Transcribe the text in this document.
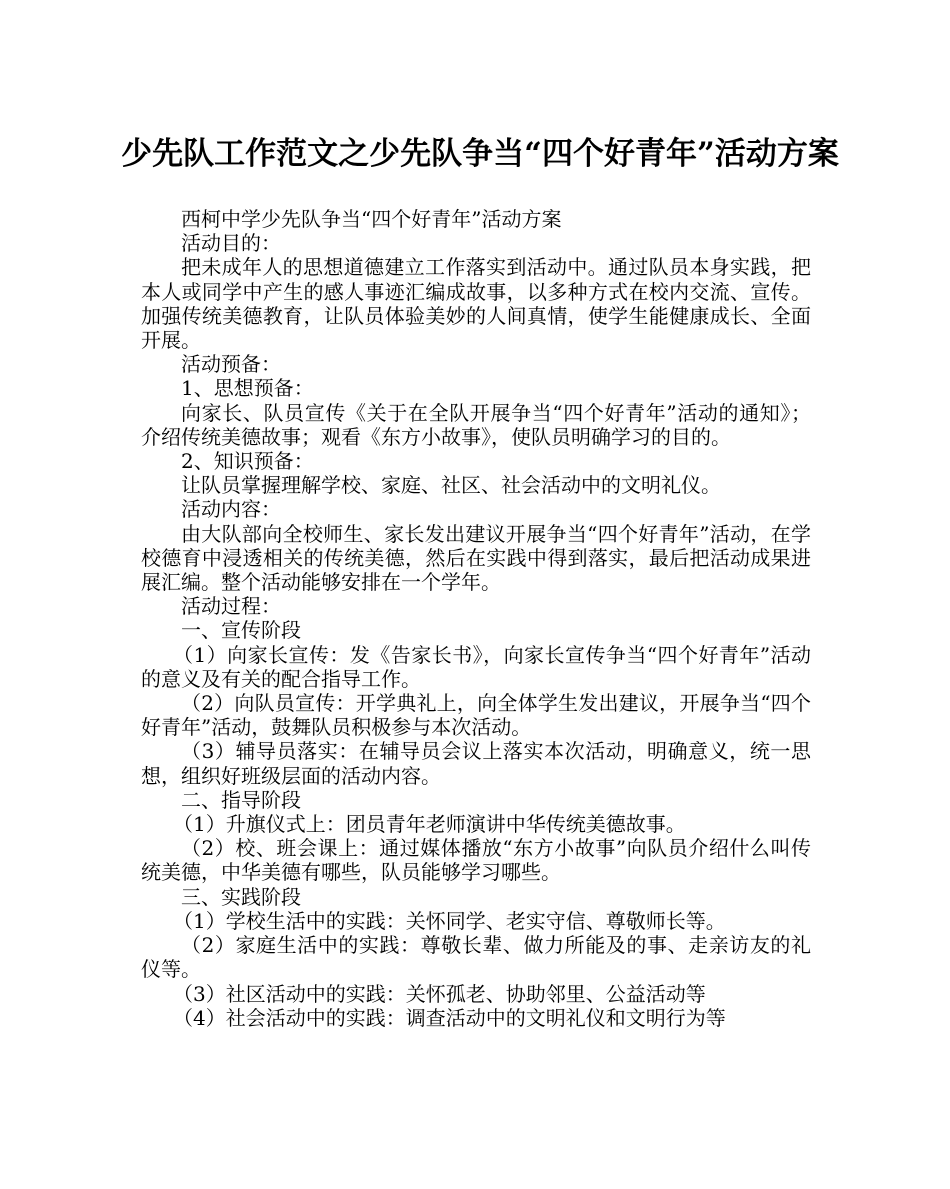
少先队工作范文之少先队争当“四个好青年”活动方案

西柯中学少先队争当“四个好青年”活动方案

活动目的：

把未成年人的思想道德建立工作落实到活动中。通过队员本身实践，把本人或同学中产生的感人事迹汇编成故事，以多种方式在校内交流、宣传。加强传统美德教育，让队员体验美妙的人间真情，使学生能健康成长、全面开展。

活动预备：

1、思想预备：

向家长、队员宣传《关于在全队开展争当“四个好青年”活动的通知》；介绍传统美德故事；观看《东方小故事》，使队员明确学习的目的。

2、知识预备：

让队员掌握理解学校、家庭、社区、社会活动中的文明礼仪。

活动内容：

由大队部向全校师生、家长发出建议开展争当“四个好青年”活动，在学校德育中浸透相关的传统美德，然后在实践中得到落实，最后把活动成果进展汇编。整个活动能够安排在一个学年。

活动过程：

一、宣传阶段

（1）向家长宣传：发《告家长书》，向家长宣传争当“四个好青年”活动的意义及有关的配合指导工作。

（2）向队员宣传：开学典礼上，向全体学生发出建议，开展争当“四个好青年”活动，鼓舞队员积极参与本次活动。

（3）辅导员落实：在辅导员会议上落实本次活动，明确意义，统一思想，组织好班级层面的活动内容。

二、指导阶段

（1）升旗仪式上：团员青年老师演讲中华传统美德故事。

（2）校、班会课上：通过媒体播放“东方小故事”向队员介绍什么叫传统美德，中华美德有哪些，队员能够学习哪些。

三、实践阶段

（1）学校生活中的实践：关怀同学、老实守信、尊敬师长等。

（2）家庭生活中的实践：尊敬长辈、做力所能及的事、走亲访友的礼仪等。

（3）社区活动中的实践：关怀孤老、协助邻里、公益活动等

（4）社会活动中的实践：调查活动中的文明礼仪和文明行为等
